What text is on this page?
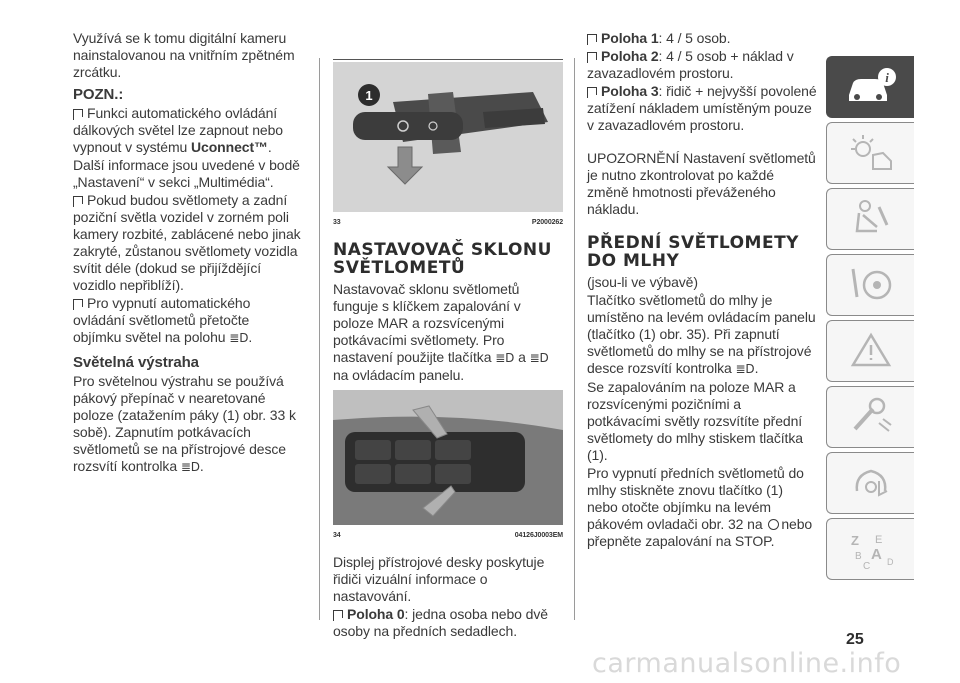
Využívá se k tomu digitální kameru nainstalovanou na vnitřním zpětném zrcátku.

POZN.:

Funkci automatického ovládání dálkových světel lze zapnout nebo vypnout v systému Uconnect™.

Další informace jsou uvedené v bodě „Nastavení“ v sekci „Multimédia“.

Pokud budou světlomety a zadní poziční světla vozidel v zorném poli kamery rozbité, zablácené nebo jinak zakryté, zůstanou světlomety vozidla svítit déle (dokud se přijíždějící vozidlo nepřiblíží).

Pro vypnutí automatického ovládání světlometů přetočte objímku světel na polohu ≣D.

Světelná výstraha

Pro světelnou výstrahu se používá pákový přepínač v nearetované poloze (zatažením páky (1) obr. 33 k sobě). Zapnutím potkávacích světlometů se na přístrojové desce rozsvítí kontrolka ≣D.

1
33	P2000262

NASTAVOVAČ SKLONU SVĚTLOMETŮ

Nastavovač sklonu světlometů funguje s klíčkem zapalování v poloze MAR a rozsvícenými potkávacími světlomety. Pro nastavení použijte tlačítka ≣D a ≣D na ovládacím panelu.

34	04126J0003EM

Displej přístrojové desky poskytuje řidiči vizuální informace o nastavování.

Poloha 0: jedna osoba nebo dvě osoby na předních sedadlech.

Poloha 1: 4 / 5 osob.

Poloha 2: 4 / 5 osob + náklad v zavazadlovém prostoru.

Poloha 3: řidič + nejvyšší povolené zatížení nákladem umístěným pouze v zavazadlovém prostoru.

UPOZORNĚNÍ Nastavení světlometů je nutno zkontrolovat po každé změně hmotnosti převáženého nákladu.

PŘEDNÍ SVĚTLOMETY DO MLHY

(jsou-li ve výbavě)

Tlačítko světlometů do mlhy je umístěno na levém ovládacím panelu (tlačítko (1) obr. 35). Při zapnutí světlometů do mlhy se na přístrojové desce rozsvítí kontrolka ≣D.

Se zapalováním na poloze MAR a rozsvícenými pozičními a potkávacími světly rozsvítíte přední světlomety do mlhy stiskem tlačítka (1).

Pro vypnutí předních světlometů do mlhy stiskněte znovu tlačítko (1) nebo otočte objímku na levém pákovém ovladači obr. 32 na nebo přepněte zapalování na STOP.

i
Z E
B A
C D
25
carmanualsonline.info
